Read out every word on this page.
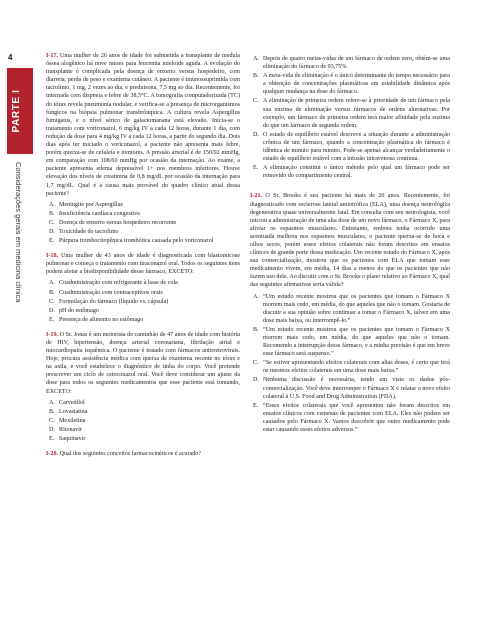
4
PARTE I
Considerações gerais em medicina clínica

I-17. Uma mulher de 26 anos de idade foi submetida a transplante de medula óssea alogênico há nove meses para leucemia mieloide aguda. A evolução do transplante é complicada pela doença de enxerto versus hospedeiro, com diarreia, perda de peso e exantema cutâneo. A paciente é imunossuprimida com tacrolimo, 1 mg, 2 vezes ao dia, e prednisona, 7,5 mg ao dia. Recentemente, foi internada com dispneia e febre de 38,5°C. A tomografia computadorizada (TC) do tórax revela pneumonia nodular, e verifica-se a presença de microrganismos fúngicos na biópsia pulmonar transbrônquica. A cultura revela Aspergillus fumigatus, e o nível sérico de galactomanana está elevado. Inicia-se o tratamento com voriconazol, 6 mg/kg IV a cada 12 horas, durante 1 dia, com redução da dose para 4 mg/kg IV a cada 12 horas, a partir do segundo dia. Dois dias após ter iniciado o voriconazol, a paciente não apresenta mais febre, porém queixa-se de cefaleia e tremores. A pressão arterial é de 150/92 mmHg, em comparação com 108/60 mmHg por ocasião da internação. Ao exame, a paciente apresenta edema depressível 1+ nos membros inferiores. Houve elevação dos níveis de creatinina de 0,8 mg/dL por ocasião da internação para 1,7 mg/dL. Qual é a causa mais provável do quadro clínico atual dessa paciente?

A. Meningite por Aspergillus
B. Insuficiência cardíaca congestiva
C. Doença de enxerto versus hospedeiro recorrente
D. Toxicidade do tacrolimo
E. Púrpura trombocitopênica trombótica causada pelo voriconazol

I-18. Uma mulher de 43 anos de idade é diagnosticada com blastomicose pulmonar e começa o tratamento com itraconazol oral. Todos os seguintes itens podem afetar a biodisponibilidade desse fármaco, EXCETO:

A. Coadministração com refrigerante à base de cola
B. Coadministração com contraceptivos orais
C. Formulação do fármaco (líquido vs. cápsula)
D. pH do estômago
E. Presença de alimento no estômago

I-19. O Sr. Jonas é um motorista de caminhão de 47 anos de idade com história de HIV, hipertensão, doença arterial coronariana, fibrilação atrial e miocardiopatia isquêmica. O paciente é tratado com fármacos antirretrovirais. Hoje, procura assistência médica com queixa de exantema recente no tórax e na axila, e você estabelece o diagnóstico de tinha do corpo. Você pretende prescrever um ciclo de cetoconazol oral. Você deve considerar um ajuste da dose para todos os seguintes medicamentos que esse paciente está tomando, EXCETO:

A. Carvedilol
B. Lovastatina
C. Mexiletina
D. Ritonavir
E. Saquinavir

I-20. Qual dos seguintes conceitos farmacocinéticos é acurado?

A. Depois de quatro meias-vidas de um fármaco de ordem zero, obtém-se uma eliminação do fármaco de 93,75%.
B. A meia-vida de eliminação é o único determinante do tempo necessário para a obtenção de concentrações plasmáticas em estabilidade dinâmica após qualquer mudança na dose do fármaco.
C. A eliminação de primeira ordem refere-se à prioridade de um fármaco pela sua enzima de eliminação versus fármacos de ordens alternativas. Por exemplo, um fármaco de primeira ordem terá maior afinidade pela enzima do que um fármaco de segunda ordem.
D. O estado de equilíbrio estável descreve a situação durante a administração crônica de um fármaco, quando a concentração plasmática do fármaco é idêntica de minuto para minuto. Pode-se apenas alcançar verdadeiramente o estado de equilíbrio estável com a infusão intravenosa contínua.
E. A eliminação constitui o único método pelo qual um fármaco pode ser removido do compartimento central.

I-21. O Sr. Brooks é seu paciente há mais de 20 anos. Recentemente, foi diagnosticado com esclerose lateral amiotrófica (ELA), uma doença neurológica degenerativa quase universalmente fatal. Em consulta com seu neurologista, você iniciou a administração de uma alta dose de um novo fármaco, o Fármaco X, para aliviar os espasmos musculares. Entretanto, embora tenha ocorrido uma acentuada melhora nos espasmos musculares, o paciente queixa-se de boca e olhos secos, porém esses efeitos colaterais não foram descritos em ensaios clínicos de grande porte dessa medicação. Um recente estudo do Fármaco X, após sua comercialização, mostrou que os pacientes com ELA que tomam esse medicamento vivem, em média, 14 dias a menos do que os pacientes que não fazem uso dele. Ao discutir com o Sr. Brooks o plano relativo ao Fármaco X, qual das seguintes afirmativas seria válida?

A. “Um estudo recente mostrou que os pacientes que tomam o Fármaco X morrem mais cedo, em média, do que aqueles que não o tomam. Gostaria de discutir a sua opinião sobre continuar a tomar o Fármaco X, talvez em uma dose mais baixa, ou interrompê-lo.”
B. “Um estudo recente mostrou que os pacientes que tomam o Fármaco X morrem mais cedo, em média, do que aqueles que não o tomam. Recomendo a interrupção desse fármaco, e a minha previsão é que em breve esse fármaco será suspenso.”
C. “Se estiver apresentando efeitos colaterais com altas doses, é certo que terá os mesmos efeitos colaterais em uma dose mais baixa.”
D. Nenhuma discussão é necessária, tendo em vista os dados pós-comercialização. Você deve interromper o Fármaco X e relatar o novo efeito colateral à U.S. Food and Drug Administration (FDA).
E. “Esses efeitos colaterais que você apresentou não foram descritos em ensaios clínicos com centenas de pacientes com ELA. Eles não podem ser causados pelo Fármaco X. Vamos descobrir que outro medicamento pode estar causando esses efeitos adversos.”
